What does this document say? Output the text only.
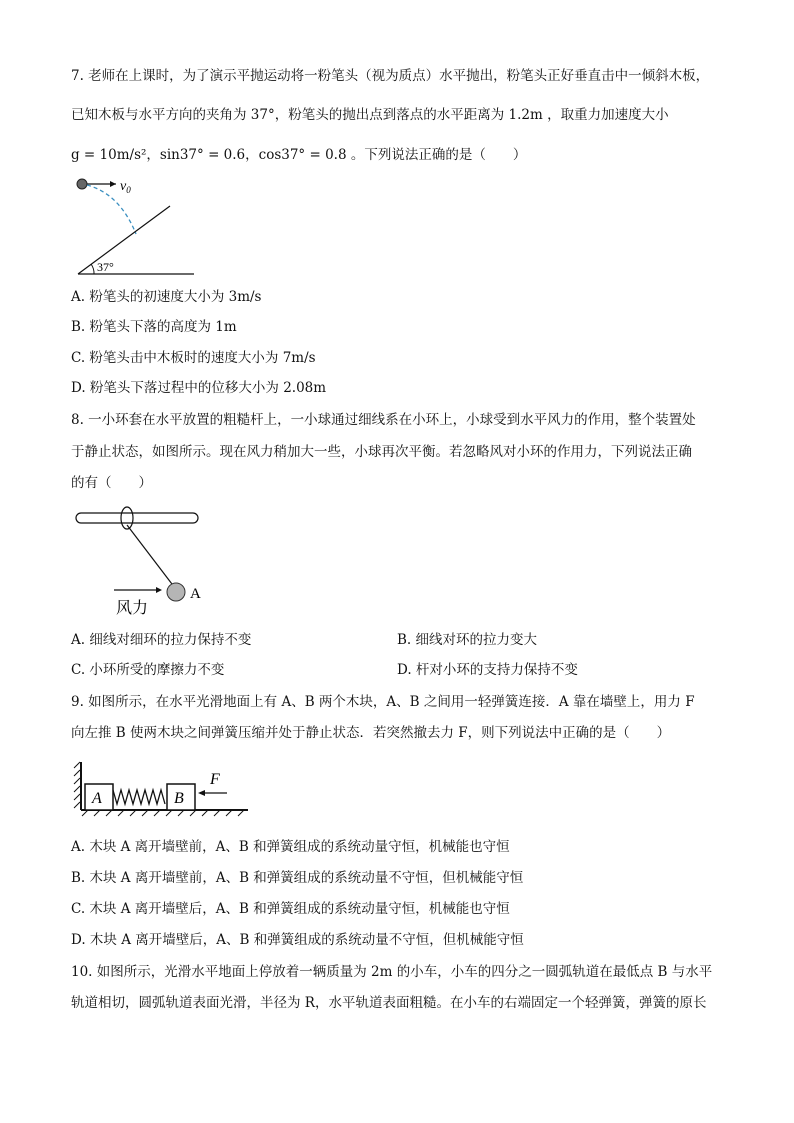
7. 老师在上课时，为了演示平抛运动将一粉笔头（视为质点）水平抛出，粉笔头正好垂直击中一倾斜木板，
已知木板与水平方向的夹角为 37°，粉笔头的抛出点到落点的水平距离为 1.2m ，取重力加速度大小
g = 10m/s²，sin37° = 0.6，cos37° = 0.8 。下列说法正确的是（　　）
$v_0$
37°
A. 粉笔头的初速度大小为 3m/s
B. 粉笔头下落的高度为 1m
C. 粉笔头击中木板时的速度大小为 7m/s
D. 粉笔头下落过程中的位移大小为 2.08m
8. 一小环套在水平放置的粗糙杆上，一小球通过细线系在小环上，小球受到水平风力的作用，整个装置处
于静止状态，如图所示。现在风力稍加大一些，小球再次平衡。若忽略风对小环的作用力，下列说法正确
的有（　　）
A
风力
A. 细线对细环的拉力保持不变	B. 细线对环的拉力变大
C. 小环所受的摩擦力不变	D. 杆对小环的支持力保持不变
9. 如图所示，在水平光滑地面上有 A、B 两个木块，A、B 之间用一轻弹簧连接．A 靠在墙壁上，用力 F
向左推 B 使两木块之间弹簧压缩并处于静止状态．若突然撤去力 F，则下列说法中正确的是（　　）
A	B
F
A. 木块 A 离开墙壁前，A、B 和弹簧组成的系统动量守恒，机械能也守恒
B. 木块 A 离开墙壁前，A、B 和弹簧组成的系统动量不守恒，但机械能守恒
C. 木块 A 离开墙壁后，A、B 和弹簧组成的系统动量守恒，机械能也守恒
D. 木块 A 离开墙壁后，A、B 和弹簧组成的系统动量不守恒，但机械能守恒
10. 如图所示，光滑水平地面上停放着一辆质量为 2m 的小车，小车的四分之一圆弧轨道在最低点 B 与水平
轨道相切，圆弧轨道表面光滑，半径为 R，水平轨道表面粗糙。在小车的右端固定一个轻弹簧，弹簧的原长
